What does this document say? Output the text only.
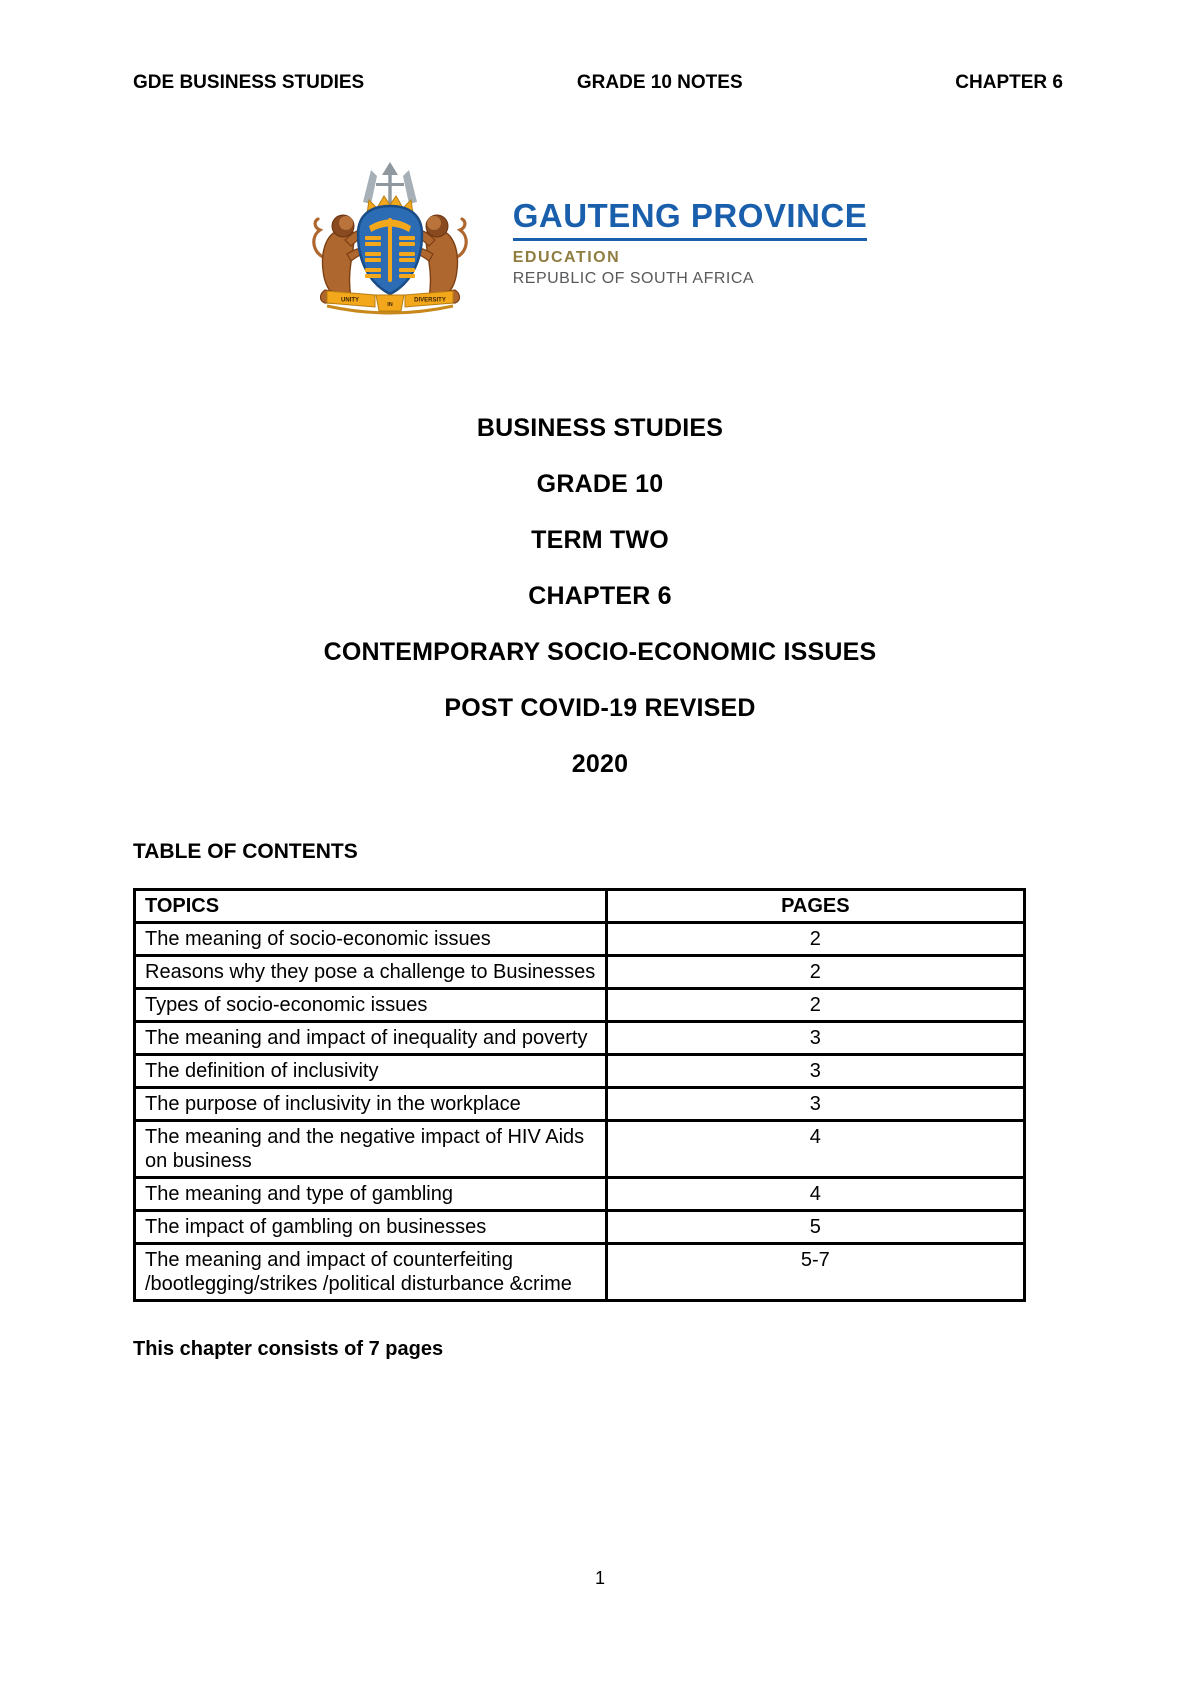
GDE BUSINESS STUDIES	GRADE 10 NOTES	CHAPTER 6
UNITY
IN
DIVERSITY
GAUTENG PROVINCE
EDUCATION
REPUBLIC OF SOUTH AFRICA
BUSINESS STUDIES
GRADE 10
TERM TWO
CHAPTER 6
CONTEMPORARY SOCIO-ECONOMIC ISSUES
POST COVID-19 REVISED
2020
TABLE OF CONTENTS
TOPICS	PAGES
The meaning of socio-economic issues	2
Reasons why they pose a challenge to Businesses	2
Types of socio-economic issues	2
The meaning and impact of inequality and poverty	3
The definition of inclusivity	3
The purpose of inclusivity in the workplace	3
The meaning and the negative impact of HIV Aids on business	4
The meaning and type of gambling	4
The impact of gambling on businesses	5
The meaning and impact of counterfeiting /bootlegging/strikes /political disturbance &crime	5-7
This chapter consists of 7 pages
1
